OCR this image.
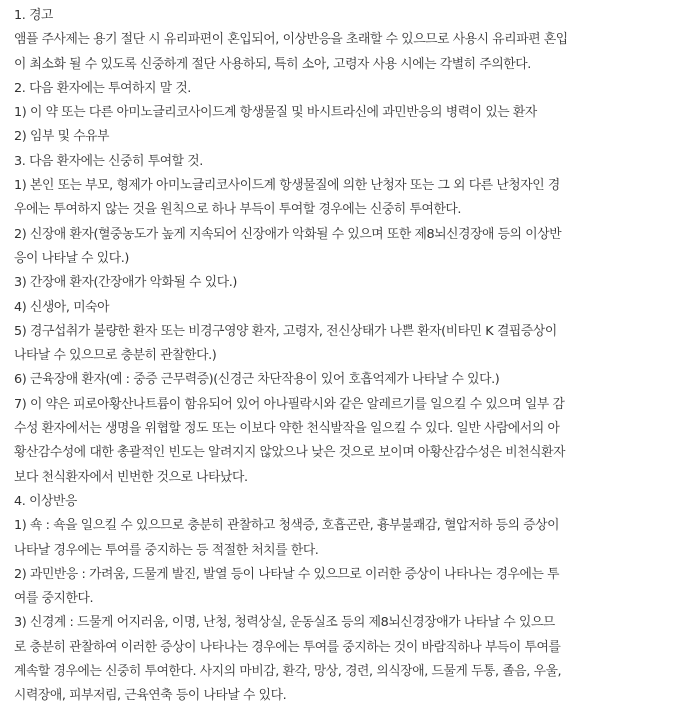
1. 경고
앰플 주사제는 용기 절단 시 유리파편이 혼입되어, 이상반응을 초래할 수 있으므로 사용시 유리파편 혼입
이 최소화 될 수 있도록 신중하게 절단 사용하되, 특히 소아, 고령자 사용 시에는 각별히 주의한다.
2. 다음 환자에는 투여하지 말 것.
1) 이 약 또는 다른 아미노글리코사이드계 항생물질 및 바시트라신에 과민반응의 병력이 있는 환자
2) 임부 및 수유부
3. 다음 환자에는 신중히 투여할 것.
1) 본인 또는 부모, 형제가 아미노글리코사이드계 항생물질에 의한 난청자 또는 그 외 다른 난청자인 경
우에는 투여하지 않는 것을 원칙으로 하나 부득이 투여할 경우에는 신중히 투여한다.
2) 신장애 환자(혈중농도가 높게 지속되어 신장애가 악화될 수 있으며 또한 제8뇌신경장애 등의 이상반
응이 나타날 수 있다.)
3) 간장애 환자(간장애가 악화될 수 있다.)
4) 신생아, 미숙아
5) 경구섭취가 불량한 환자 또는 비경구영양 환자, 고령자, 전신상태가 나쁜 환자(비타민 K 결핍증상이
나타날 수 있으므로 충분히 관찰한다.)
6) 근육장애 환자(예 : 중증 근무력증)(신경근 차단작용이 있어 호흡억제가 나타날 수 있다.)
7) 이 약은 피로아황산나트륨이 함유되어 있어 아나필락시와 같은 알레르기를 일으킬 수 있으며 일부 감
수성 환자에서는 생명을 위협할 정도 또는 이보다 약한 천식발작을 일으킬 수 있다. 일반 사람에서의 아
황산감수성에 대한 총괄적인 빈도는 알려지지 않았으나 낮은 것으로 보이며 아황산감수성은 비천식환자
보다 천식환자에서 빈번한 것으로 나타났다.
4. 이상반응
1) 쇽 : 쇽을 일으킬 수 있으므로 충분히 관찰하고 청색증, 호흡곤란, 흉부불쾌감, 혈압저하 등의 증상이
나타날 경우에는 투여를 중지하는 등 적절한 처치를 한다.
2) 과민반응 : 가려움, 드물게 발진, 발열 등이 나타날 수 있으므로 이러한 증상이 나타나는 경우에는 투
여를 중지한다.
3) 신경계 : 드물게 어지러움, 이명, 난청, 청력상실, 운동실조 등의 제8뇌신경장애가 나타날 수 있으므
로 충분히 관찰하여 이러한 증상이 나타나는 경우에는 투여를 중지하는 것이 바람직하나 부득이 투여를
계속할 경우에는 신중히 투여한다. 사지의 마비감, 환각, 망상, 경련, 의식장애, 드물게 두통, 졸음, 우울,
시력장애, 피부저림, 근육연축 등이 나타날 수 있다.
